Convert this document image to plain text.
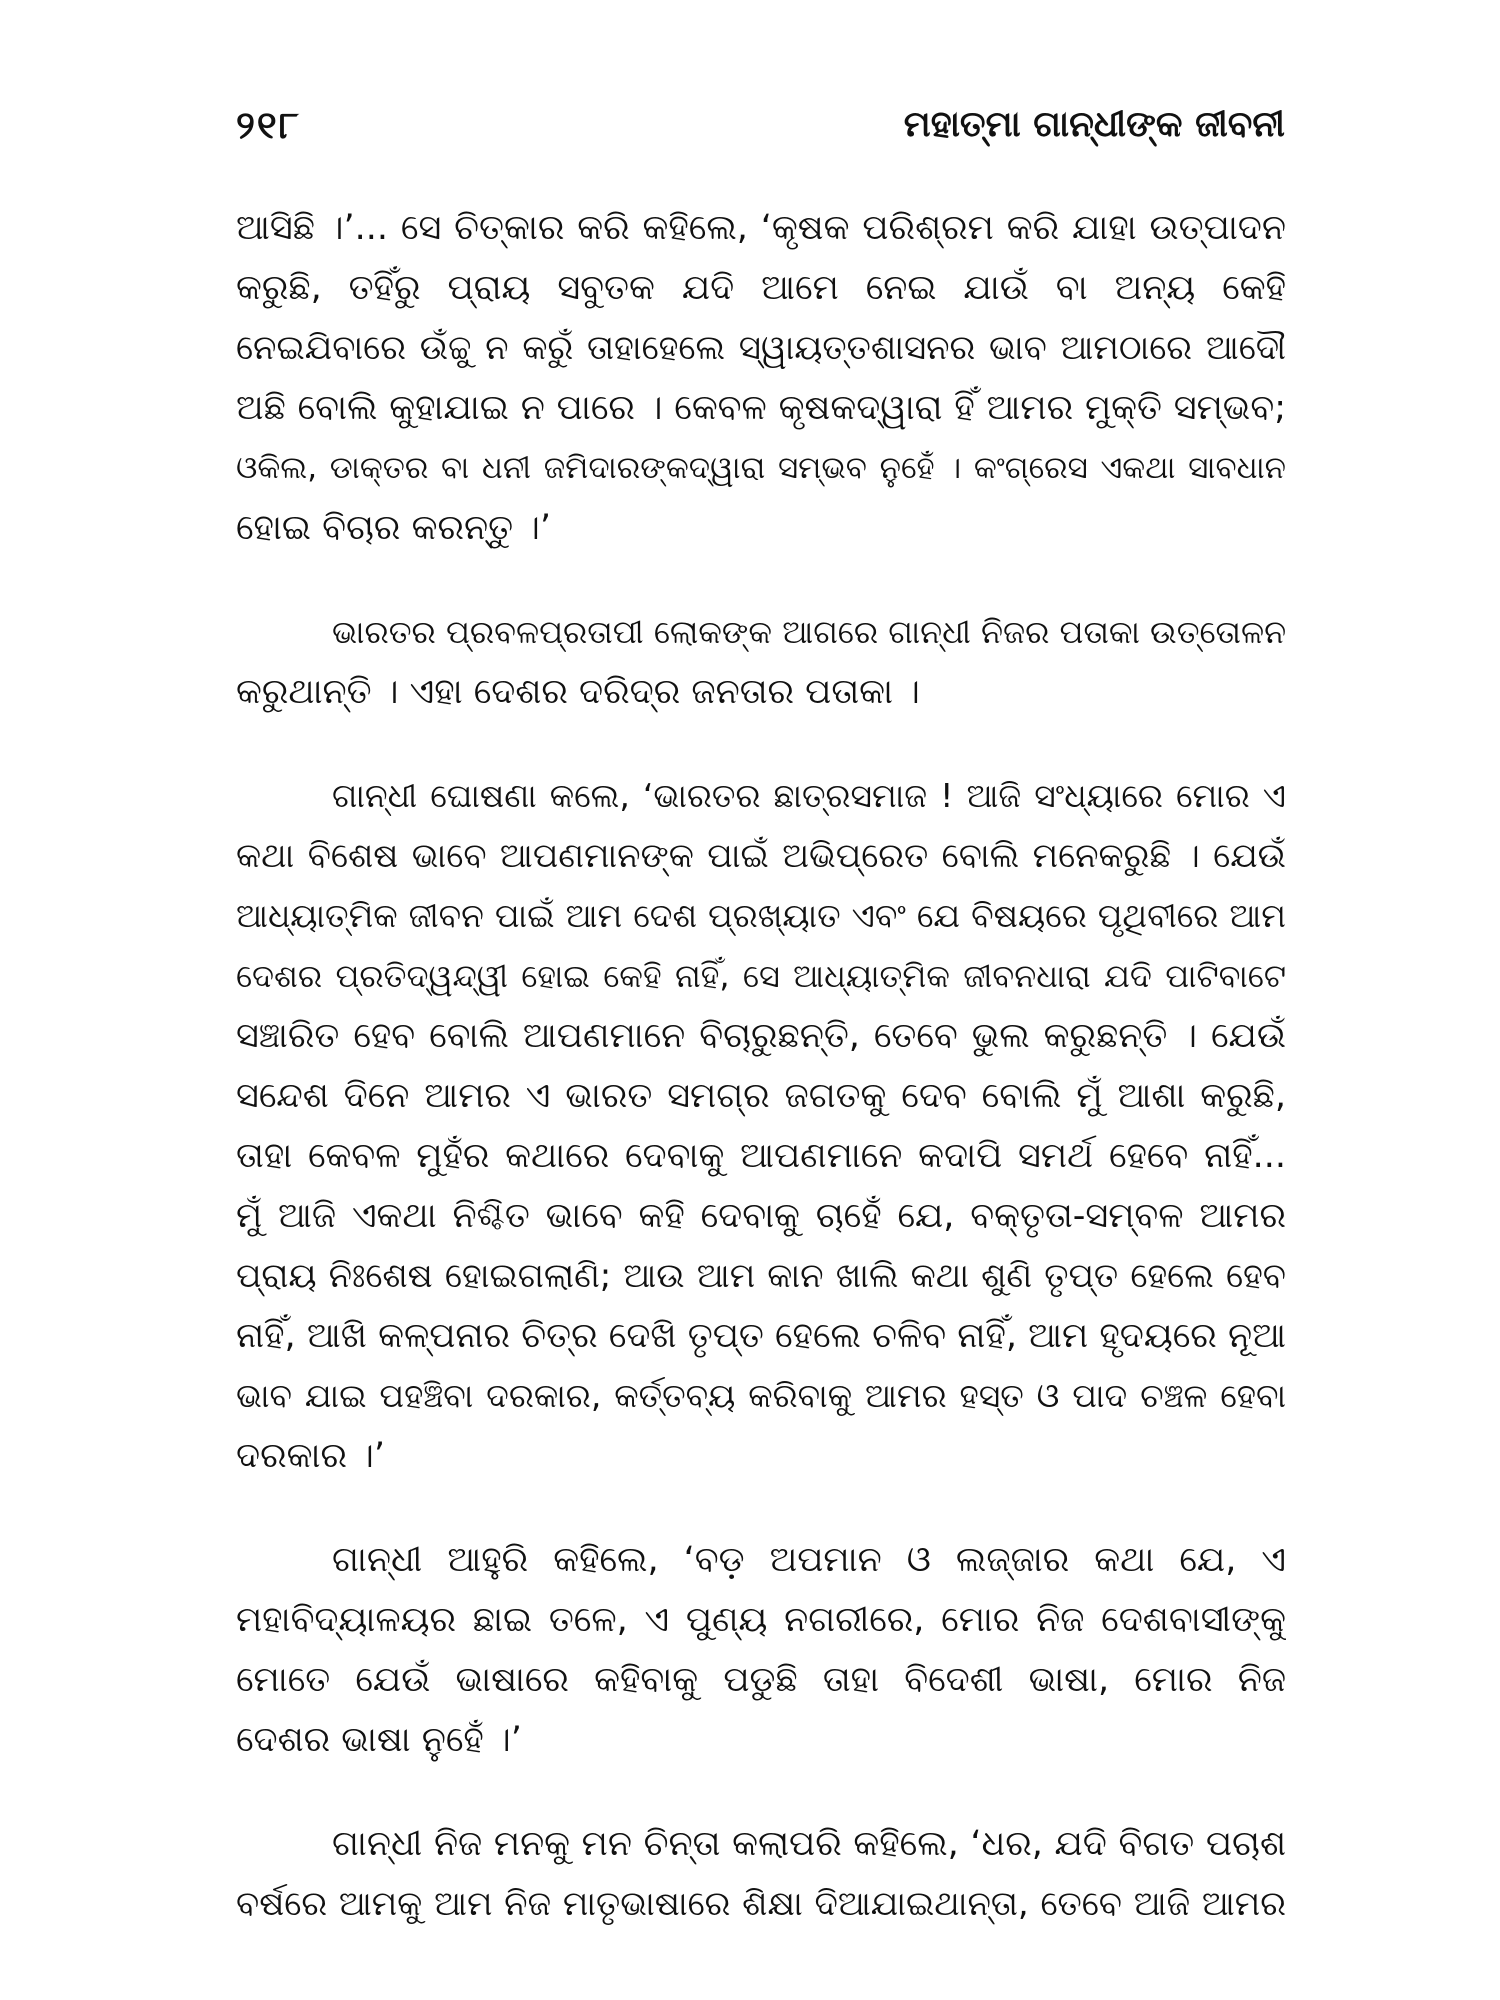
୨୧୮	ମହାତ୍ମା ଗାନ୍ଧୀଙ୍କ ଜୀବନୀ
ଆସିଛି ।’... ସେ ଚିତ୍କାର କରି କହିଲେ, ‘କୃଷକ ପରିଶ୍ରମ କରି ଯାହା ଉତ୍ପାଦନ
କରୁଛି, ତହିଁରୁ ପ୍ରାୟ ସବୁତକ ଯଦି ଆମେ ନେଇ ଯାଉଁ ବା ଅନ୍ୟ କେହି
ନେଇଯିବାରେ ଉଁଚ୍ଚୁ ନ କରୁଁ ତାହାହେଲେ ସ୍ୱାୟତ୍ତଶାସନର ଭାବ ଆମଠାରେ ଆଦୌ
ଅଛି ବୋଲି କୁହାଯାଇ ନ ପାରେ । କେବଳ କୃଷକଦ୍ୱାରା ହିଁ ଆମର ମୁକ୍ତି ସମ୍ଭବ;
ଓକିଲ, ଡାକ୍ତର ବା ଧନୀ ଜମିଦାରଙ୍କଦ୍ୱାରା ସମ୍ଭବ ନୁହେଁ । କଂଗ୍ରେସ ଏକଥା ସାବଧାନ
ହୋଇ ବିଚାର କରନ୍ତୁ ।’
ଭାରତର ପ୍ରବଳପ୍ରତାପୀ ଲୋକଙ୍କ ଆଗରେ ଗାନ୍ଧୀ ନିଜର ପତାକା ଉତ୍ତୋଳନ
କରୁଥାନ୍ତି । ଏହା ଦେଶର ଦରିଦ୍ର ଜନତାର ପତାକା ।
ଗାନ୍ଧୀ ଘୋଷଣା କଲେ, ‘ଭାରତର ଛାତ୍ରସମାଜ ! ଆଜି ସଂଧ୍ୟାରେ ମୋର ଏ
କଥା ବିଶେଷ ଭାବେ ଆପଣମାନଙ୍କ ପାଇଁ ଅଭିପ୍ରେତ ବୋଲି ମନେକରୁଛି । ଯେଉଁ
ଆଧ୍ୟାତ୍ମିକ ଜୀବନ ପାଇଁ ଆମ ଦେଶ ପ୍ରଖ୍ୟାତ ଏବଂ ଯେ ବିଷୟରେ ପୃଥିବୀରେ ଆମ
ଦେଶର ପ୍ରତିଦ୍ୱନ୍ଦ୍ୱୀ ହୋଇ କେହି ନାହିଁ, ସେ ଆଧ୍ୟାତ୍ମିକ ଜୀବନଧାରା ଯଦି ପାଟିବାଟେ
ସଞ୍ଚାରିତ ହେବ ବୋଲି ଆପଣମାନେ ବିଚାରୁଛନ୍ତି, ତେବେ ଭୁଲ କରୁଛନ୍ତି । ଯେଉଁ
ସନ୍ଦେଶ ଦିନେ ଆମର ଏ ଭାରତ ସମଗ୍ର ଜଗତକୁ ଦେବ ବୋଲି ମୁଁ ଆଶା କରୁଛି,
ତାହା କେବଳ ମୁହଁର କଥାରେ ଦେବାକୁ ଆପଣମାନେ କଦାପି ସମର୍ଥ ହେବେ ନାହିଁ...
ମୁଁ ଆଜି ଏକଥା ନିଶ୍ଚିତ ଭାବେ କହି ଦେବାକୁ ଚାହେଁ ଯେ, ବକ୍ତୃତା-ସମ୍ବଳ ଆମର
ପ୍ରାୟ ନିଃଶେଷ ହୋଇଗଲାଣି; ଆଉ ଆମ କାନ ଖାଲି କଥା ଶୁଣି ତୃପ୍ତ ହେଲେ ହେବ
ନାହିଁ, ଆଖି କଳ୍ପନାର ଚିତ୍ର ଦେଖି ତୃପ୍ତ ହେଲେ ଚଳିବ ନାହିଁ, ଆମ ହୃଦୟରେ ନୂଆ
ଭାବ ଯାଇ ପହଞ୍ଚିବା ଦରକାର, କର୍ତ୍ତବ୍ୟ କରିବାକୁ ଆମର ହସ୍ତ ଓ ପାଦ ଚଞ୍ଚଳ ହେବା
ଦରକାର ।’
ଗାନ୍ଧୀ ଆହୁରି କହିଲେ, ‘ବଡ଼ ଅପମାନ ଓ ଲଜ୍ଜାର କଥା ଯେ, ଏ
ମହାବିଦ୍ୟାଳୟର ଛାଇ ତଳେ, ଏ ପୁଣ୍ୟ ନଗରୀରେ, ମୋର ନିଜ ଦେଶବାସୀଙ୍କୁ
ମୋତେ ଯେଉଁ ଭାଷାରେ କହିବାକୁ ପଡୁଛି ତାହା ବିଦେଶୀ ଭାଷା, ମୋର ନିଜ
ଦେଶର ଭାଷା ନୁହେଁ ।’
ଗାନ୍ଧୀ ନିଜ ମନକୁ ମନ ଚିନ୍ତା କଲାପରି କହିଲେ, ‘ଧର, ଯଦି ବିଗତ ପଚାଶ
ବର୍ଷରେ ଆମକୁ ଆମ ନିଜ ମାତୃଭାଷାରେ ଶିକ୍ଷା ଦିଆଯାଇଥାନ୍ତା, ତେବେ ଆଜି ଆମର
